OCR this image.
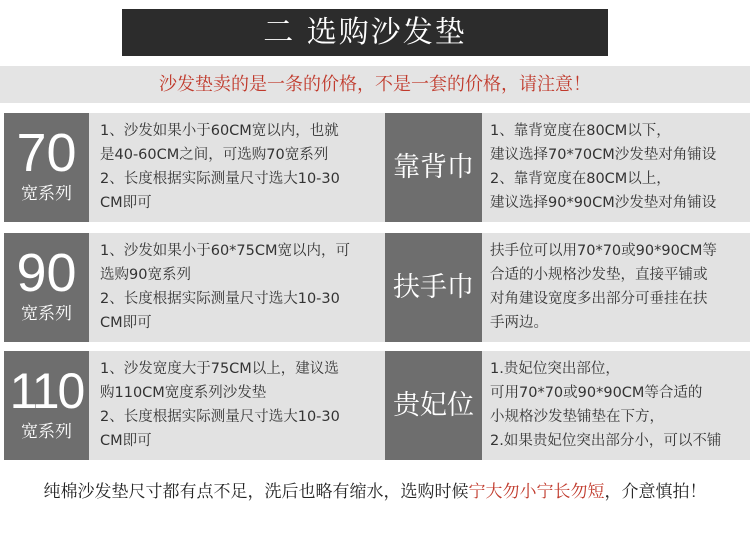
二 选购沙发垫
沙发垫卖的是一条的价格，不是一套的价格，请注意！
70
宽系列
1、沙发如果小于60CM宽以内，也就
是40-60CM之间，可选购70宽系列
2、长度根据实际测量尺寸选大10-30
CM即可
靠背巾
1、靠背宽度在80CM以下，
建议选择70*70CM沙发垫对角铺设
2、靠背宽度在80CM以上，
建议选择90*90CM沙发垫对角铺设
90
宽系列
1、沙发如果小于60*75CM宽以内，可
选购90宽系列
2、长度根据实际测量尺寸选大10-30
CM即可
扶手巾
扶手位可以用70*70或90*90CM等
合适的小规格沙发垫，直接平铺或
对角建设宽度多出部分可垂挂在扶
手两边。
110
宽系列
1、沙发宽度大于75CM以上，建议选
购110CM宽度系列沙发垫
2、长度根据实际测量尺寸选大10-30
CM即可
贵妃位
1.贵妃位突出部位，
可用70*70或90*90CM等合适的
小规格沙发垫铺垫在下方，
2.如果贵妃位突出部分小，可以不铺
纯棉沙发垫尺寸都有点不足，洗后也略有缩水，选购时候宁大勿小宁长勿短，介意慎拍！
